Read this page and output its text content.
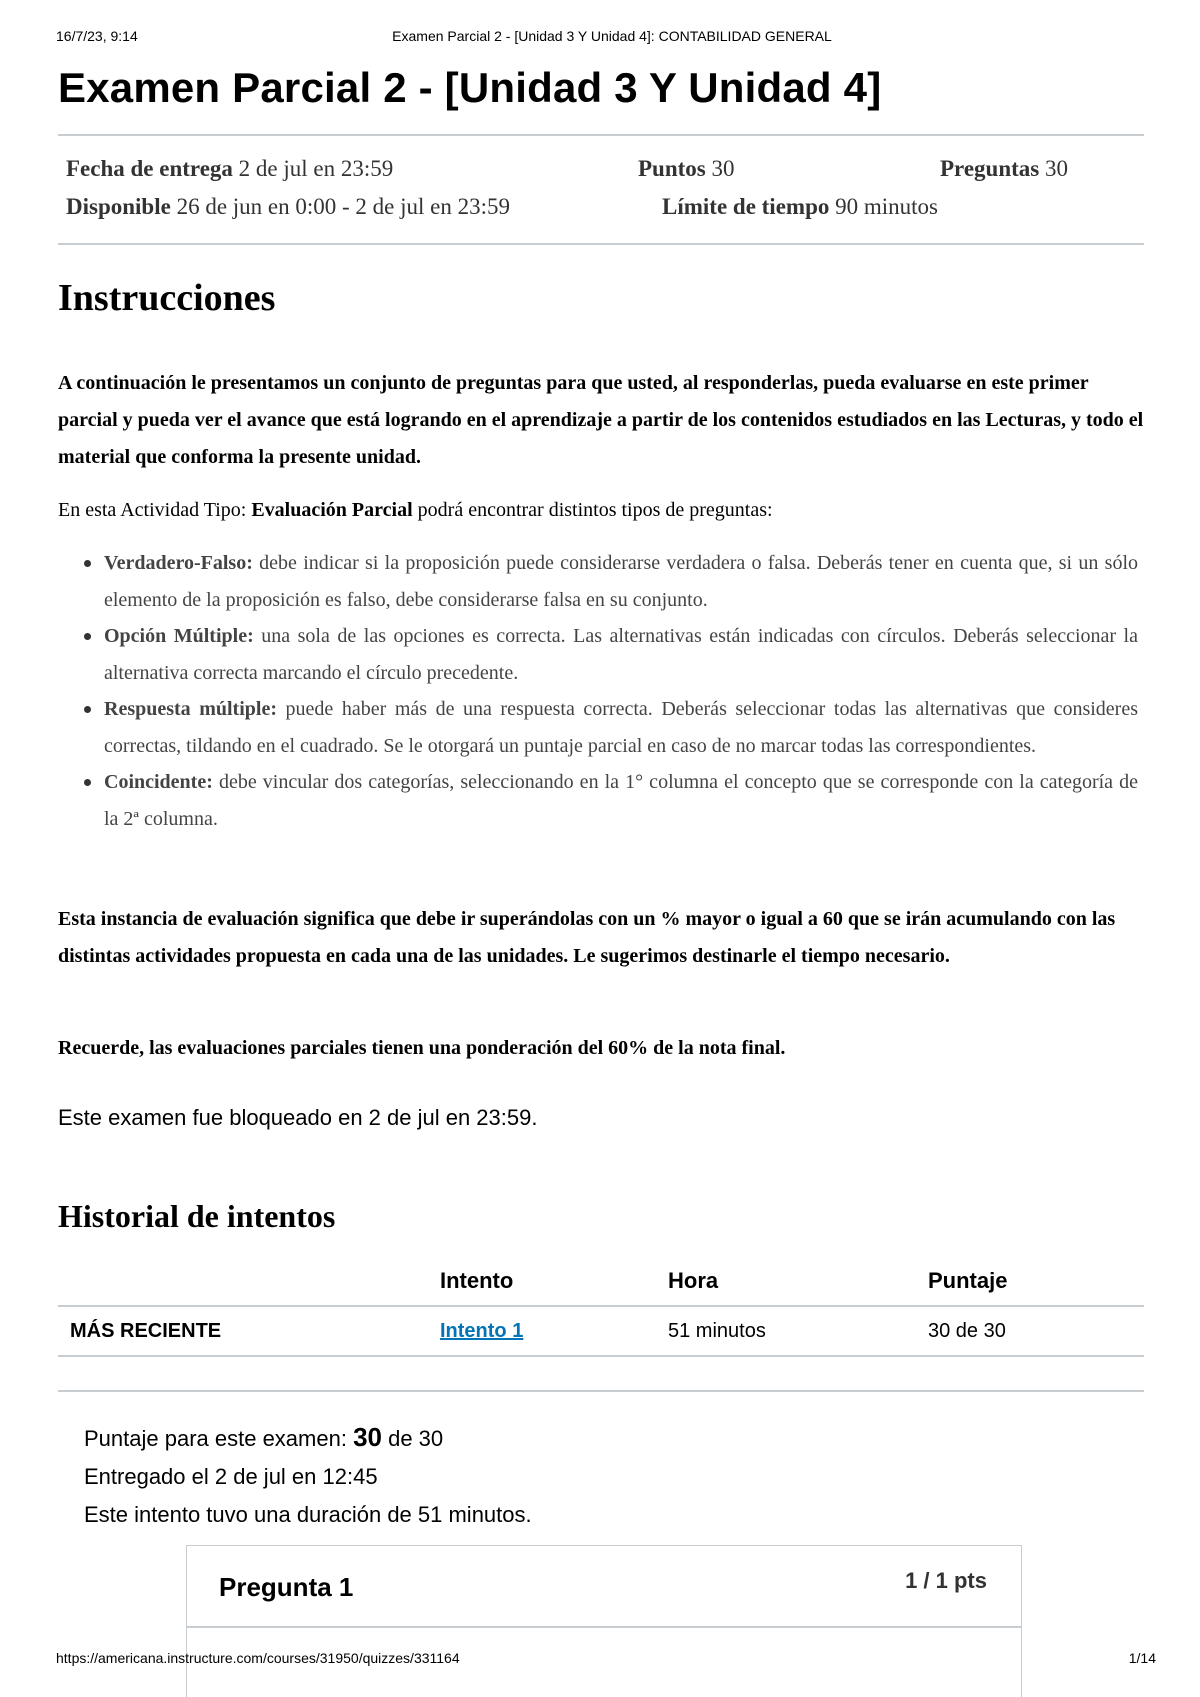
16/7/23, 9:14	Examen Parcial 2 - [Unidad 3 Y Unidad 4]: CONTABILIDAD GENERAL
Examen Parcial 2 - [Unidad 3 Y Unidad 4]
Fecha de entrega 2 de jul en 23:59	Puntos 30	Preguntas 30
Disponible 26 de jun en 0:00 - 2 de jul en 23:59	Límite de tiempo 90 minutos
Instrucciones

A continuación le presentamos un conjunto de preguntas para que usted, al responderlas, pueda evaluarse en este primer parcial y pueda ver el avance que está logrando en el aprendizaje a partir de los contenidos estudiados en las Lecturas, y todo el material que conforma la presente unidad.

En esta Actividad Tipo: Evaluación Parcial podrá encontrar distintos tipos de preguntas:

Verdadero-Falso: debe indicar si la proposición puede considerarse verdadera o falsa. Deberás tener en cuenta que, si un sólo elemento de la proposición es falso, debe considerarse falsa en su conjunto.
Opción Múltiple: una sola de las opciones es correcta. Las alternativas están indicadas con círculos. Deberás seleccionar la alternativa correcta marcando el círculo precedente.
Respuesta múltiple: puede haber más de una respuesta correcta. Deberás seleccionar todas las alternativas que consideres correctas, tildando en el cuadrado. Se le otorgará un puntaje parcial en caso de no marcar todas las correspondientes.
Coincidente: debe vincular dos categorías, seleccionando en la 1° columna el concepto que se corresponde con la categoría de la 2ª columna.

Esta instancia de evaluación significa que debe ir superándolas con un % mayor o igual a 60 que se irán acumulando con las distintas actividades propuesta en cada una de las unidades. Le sugerimos destinarle el tiempo necesario.

Recuerde, las evaluaciones parciales tienen una ponderación del 60% de la nota final.

Este examen fue bloqueado en 2 de jul en 23:59.

Historial de intentos
	Intento	Hora	Puntaje
MÁS RECIENTE	Intento 1	51 minutos	30 de 30
Puntaje para este examen: 30 de 30
Entregado el 2 de jul en 12:45
Este intento tuvo una duración de 51 minutos.
Pregunta 1	1 / 1 pts
https://americana.instructure.com/courses/31950/quizzes/331164	1/14
